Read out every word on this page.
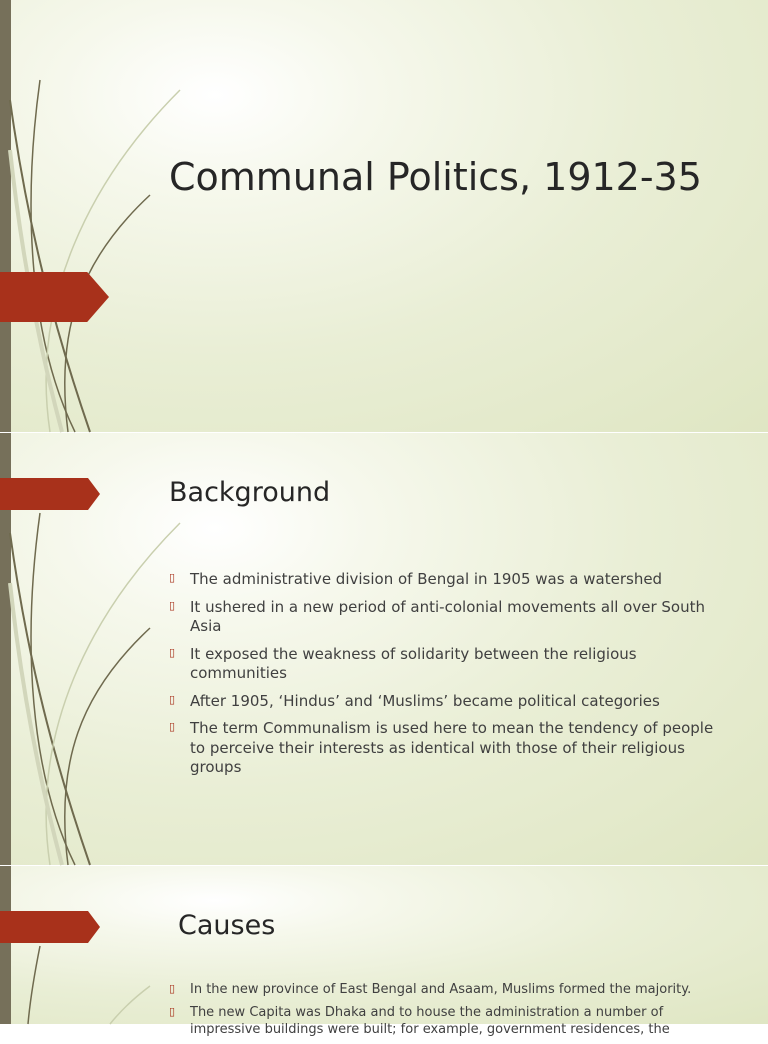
Communal Politics, 1912-35
Background
▯ The administrative division of Bengal in 1905 was a watershed
▯ It ushered in a new period of anti-colonial movements all over South Asia
▯ It exposed the weakness of solidarity between the religious communities
▯ After 1905, ‘Hindus’ and ‘Muslims’ became political categories
▯ The term Communalism is used here to mean the tendency of people to perceive their interests as identical with those of their religious groups
Causes
▯ In the new province of East Bengal and Asaam, Muslims formed the majority.
▯ The new Capita was Dhaka and to house the administration a number of impressive buildings were built; for example, government residences, the
